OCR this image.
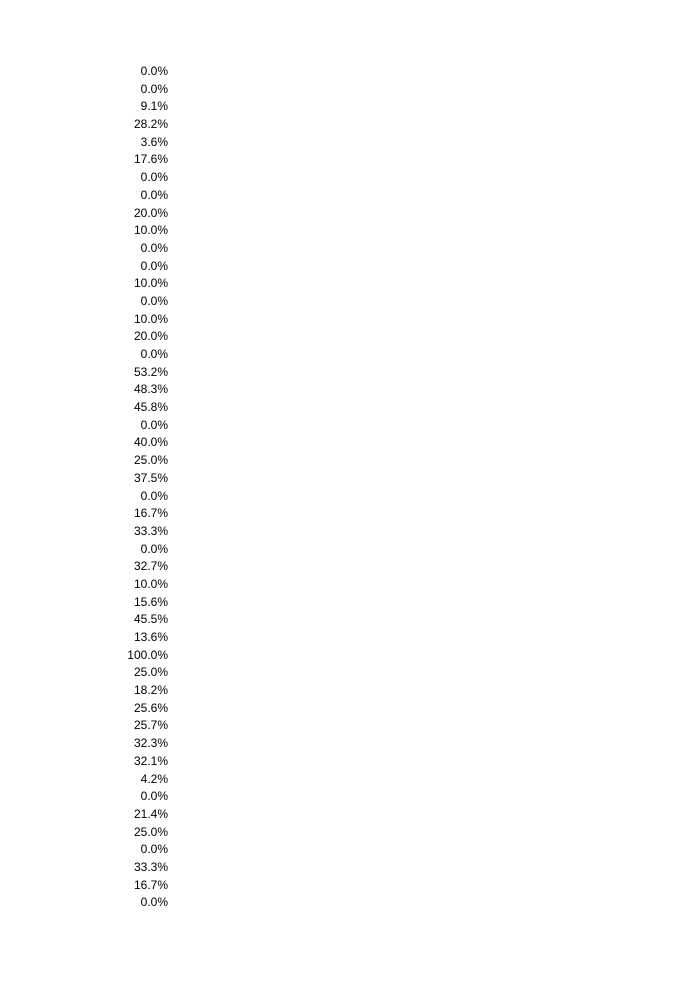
0.0%
0.0%
9.1%
28.2%
3.6%
17.6%
0.0%
0.0%
20.0%
10.0%
0.0%
0.0%
10.0%
0.0%
10.0%
20.0%
0.0%
53.2%
48.3%
45.8%
0.0%
40.0%
25.0%
37.5%
0.0%
16.7%
33.3%
0.0%
32.7%
10.0%
15.6%
45.5%
13.6%
100.0%
25.0%
18.2%
25.6%
25.7%
32.3%
32.1%
4.2%
0.0%
21.4%
25.0%
0.0%
33.3%
16.7%
0.0%
